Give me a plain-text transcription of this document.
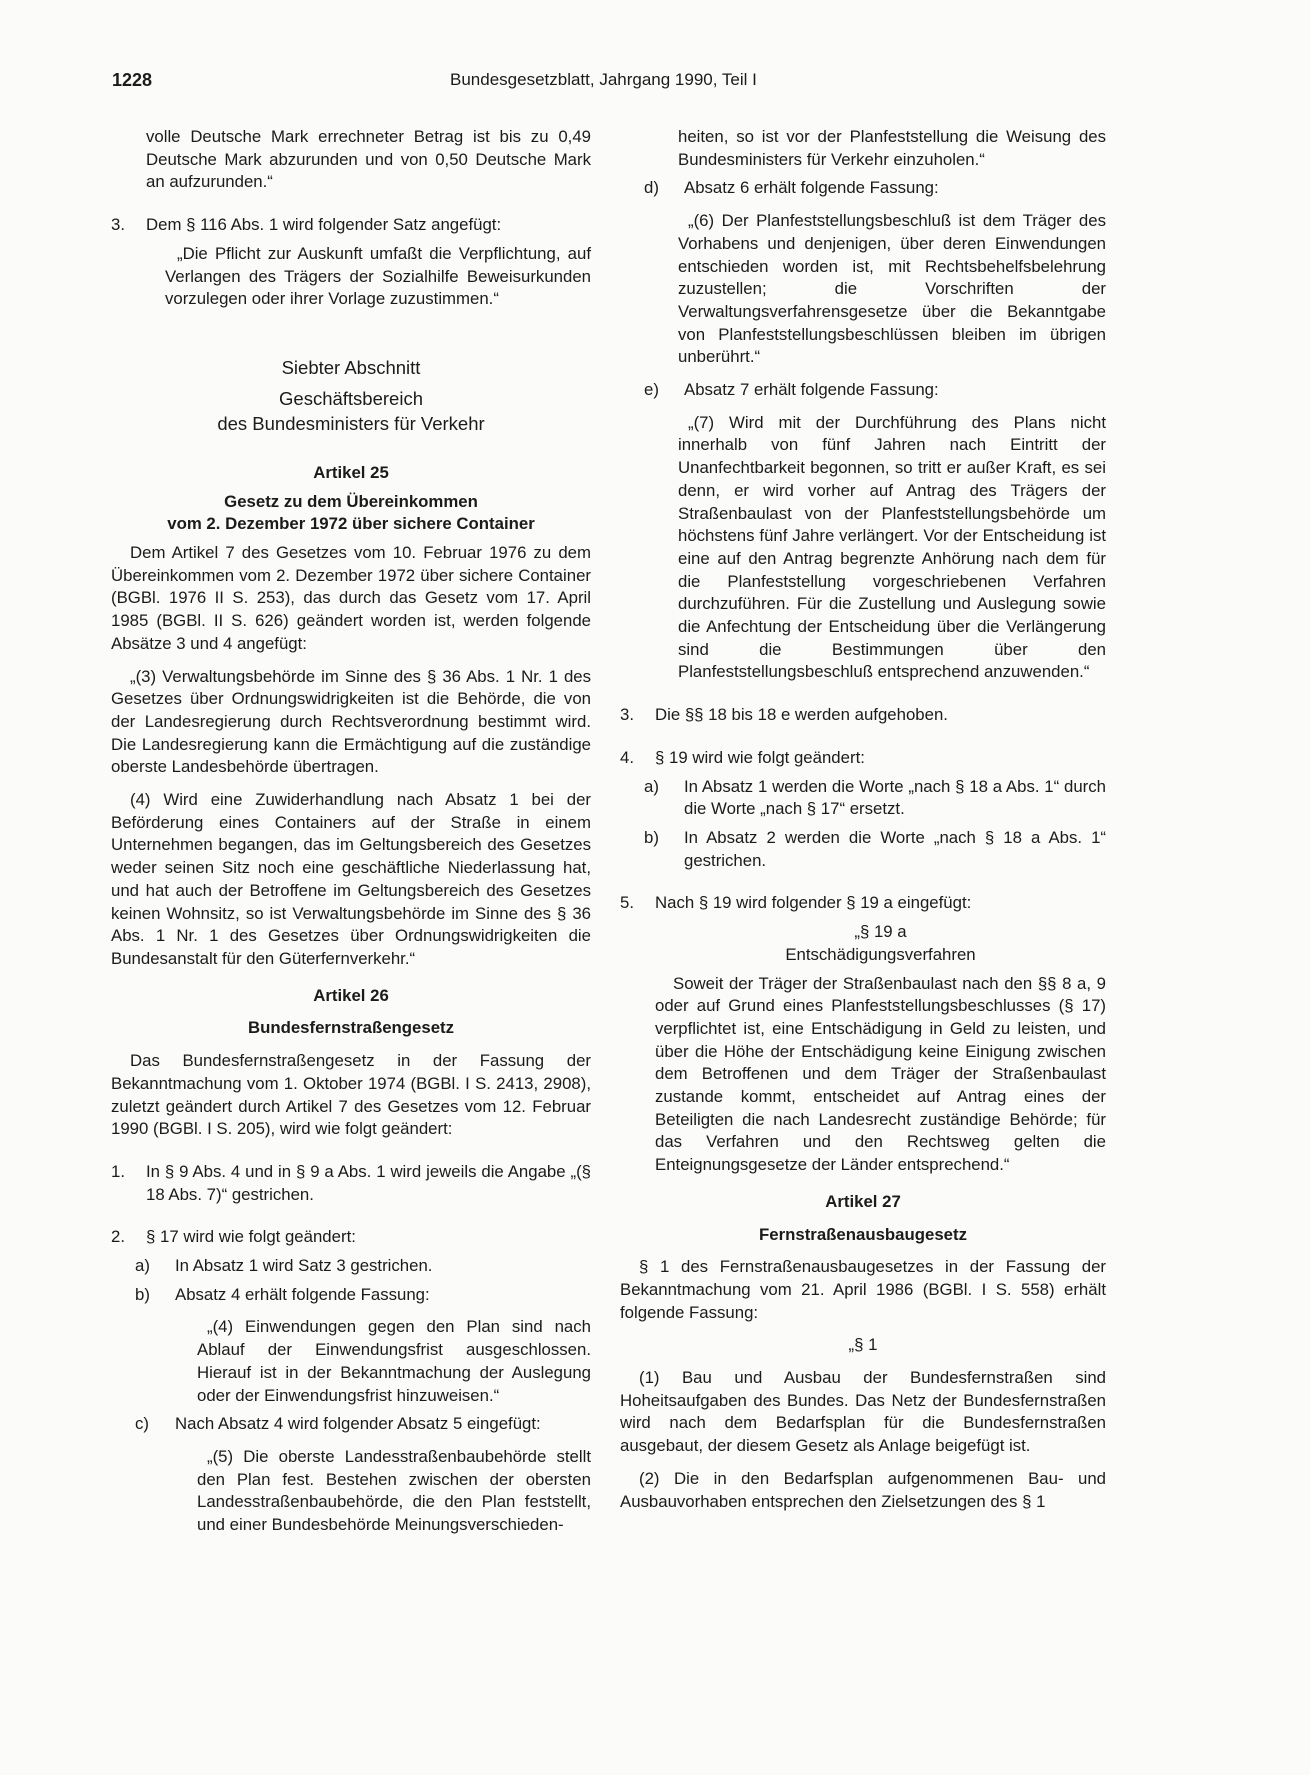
1228	Bundesgesetzblatt, Jahrgang 1990, Teil I

volle Deutsche Mark errechneter Betrag ist bis zu 0,49 Deutsche Mark abzurunden und von 0,50 Deutsche Mark an aufzurunden.“

3. Dem § 116 Abs. 1 wird folgender Satz angefügt:

„Die Pflicht zur Auskunft umfaßt die Verpflichtung, auf Verlangen des Trägers der Sozialhilfe Beweisurkunden vorzulegen oder ihrer Vorlage zuzustimmen.“

Siebter Abschnitt
Geschäftsbereich
des Bundesministers für Verkehr
Artikel 25
Gesetz zu dem Übereinkommen
vom 2. Dezember 1972 über sichere Container

Dem Artikel 7 des Gesetzes vom 10. Februar 1976 zu dem Übereinkommen vom 2. Dezember 1972 über sichere Container (BGBl. 1976 II S. 253), das durch das Gesetz vom 17. April 1985 (BGBl. II S. 626) geändert worden ist, werden folgende Absätze 3 und 4 angefügt:

„(3) Verwaltungsbehörde im Sinne des § 36 Abs. 1 Nr. 1 des Gesetzes über Ordnungswidrigkeiten ist die Behörde, die von der Landesregierung durch Rechtsverordnung bestimmt wird. Die Landesregierung kann die Ermächtigung auf die zuständige oberste Landesbehörde übertragen.

(4) Wird eine Zuwiderhandlung nach Absatz 1 bei der Beförderung eines Containers auf der Straße in einem Unternehmen begangen, das im Geltungsbereich des Gesetzes weder seinen Sitz noch eine geschäftliche Niederlassung hat, und hat auch der Betroffene im Geltungsbereich des Gesetzes keinen Wohnsitz, so ist Verwaltungsbehörde im Sinne des § 36 Abs. 1 Nr. 1 des Gesetzes über Ordnungswidrigkeiten die Bundesanstalt für den Güterfernverkehr.“

Artikel 26
Bundesfernstraßengesetz

Das Bundesfernstraßengesetz in der Fassung der Bekanntmachung vom 1. Oktober 1974 (BGBl. I S. 2413, 2908), zuletzt geändert durch Artikel 7 des Gesetzes vom 12. Februar 1990 (BGBl. I S. 205), wird wie folgt geändert:

1. In § 9 Abs. 4 und in § 9 a Abs. 1 wird jeweils die Angabe „(§ 18 Abs. 7)“ gestrichen.
2. § 17 wird wie folgt geändert:
a) In Absatz 1 wird Satz 3 gestrichen.
b) Absatz 4 erhält folgende Fassung:

„(4) Einwendungen gegen den Plan sind nach Ablauf der Einwendungsfrist ausgeschlossen. Hierauf ist in der Bekanntmachung der Auslegung oder der Einwendungsfrist hinzuweisen.“

c) Nach Absatz 4 wird folgender Absatz 5 eingefügt:

„(5) Die oberste Landesstraßenbaubehörde stellt den Plan fest. Bestehen zwischen der obersten Landesstraßenbaubehörde, die den Plan feststellt, und einer Bundesbehörde Meinungsverschieden-

heiten, so ist vor der Planfeststellung die Weisung des Bundesministers für Verkehr einzuholen.“

d) Absatz 6 erhält folgende Fassung:

„(6) Der Planfeststellungsbeschluß ist dem Träger des Vorhabens und denjenigen, über deren Einwendungen entschieden worden ist, mit Rechtsbehelfsbelehrung zuzustellen; die Vorschriften der Verwaltungsverfahrensgesetze über die Bekanntgabe von Planfeststellungsbeschlüssen bleiben im übrigen unberührt.“

e) Absatz 7 erhält folgende Fassung:

„(7) Wird mit der Durchführung des Plans nicht innerhalb von fünf Jahren nach Eintritt der Unanfechtbarkeit begonnen, so tritt er außer Kraft, es sei denn, er wird vorher auf Antrag des Trägers der Straßenbaulast von der Planfeststellungsbehörde um höchstens fünf Jahre verlängert. Vor der Entscheidung ist eine auf den Antrag begrenzte Anhörung nach dem für die Planfeststellung vorgeschriebenen Verfahren durchzuführen. Für die Zustellung und Auslegung sowie die Anfechtung der Entscheidung über die Verlängerung sind die Bestimmungen über den Planfeststellungsbeschluß entsprechend anzuwenden.“

3. Die §§ 18 bis 18 e werden aufgehoben.
4. § 19 wird wie folgt geändert:
a) In Absatz 1 werden die Worte „nach § 18 a Abs. 1“ durch die Worte „nach § 17“ ersetzt.
b) In Absatz 2 werden die Worte „nach § 18 a Abs. 1“ gestrichen.
5. Nach § 19 wird folgender § 19 a eingefügt:
„§ 19 a
Entschädigungsverfahren

Soweit der Träger der Straßenbaulast nach den §§ 8 a, 9 oder auf Grund eines Planfeststellungsbeschlusses (§ 17) verpflichtet ist, eine Entschädigung in Geld zu leisten, und über die Höhe der Entschädigung keine Einigung zwischen dem Betroffenen und dem Träger der Straßenbaulast zustande kommt, entscheidet auf Antrag eines der Beteiligten die nach Landesrecht zuständige Behörde; für das Verfahren und den Rechtsweg gelten die Enteignungsgesetze der Länder entsprechend.“

Artikel 27
Fernstraßenausbaugesetz

§ 1 des Fernstraßenausbaugesetzes in der Fassung der Bekanntmachung vom 21. April 1986 (BGBl. I S. 558) erhält folgende Fassung:

„§ 1

(1) Bau und Ausbau der Bundesfernstraßen sind Hoheitsaufgaben des Bundes. Das Netz der Bundesfernstraßen wird nach dem Bedarfsplan für die Bundesfernstraßen ausgebaut, der diesem Gesetz als Anlage beigefügt ist.

(2) Die in den Bedarfsplan aufgenommenen Bau- und Ausbauvorhaben entsprechen den Zielsetzungen des § 1
